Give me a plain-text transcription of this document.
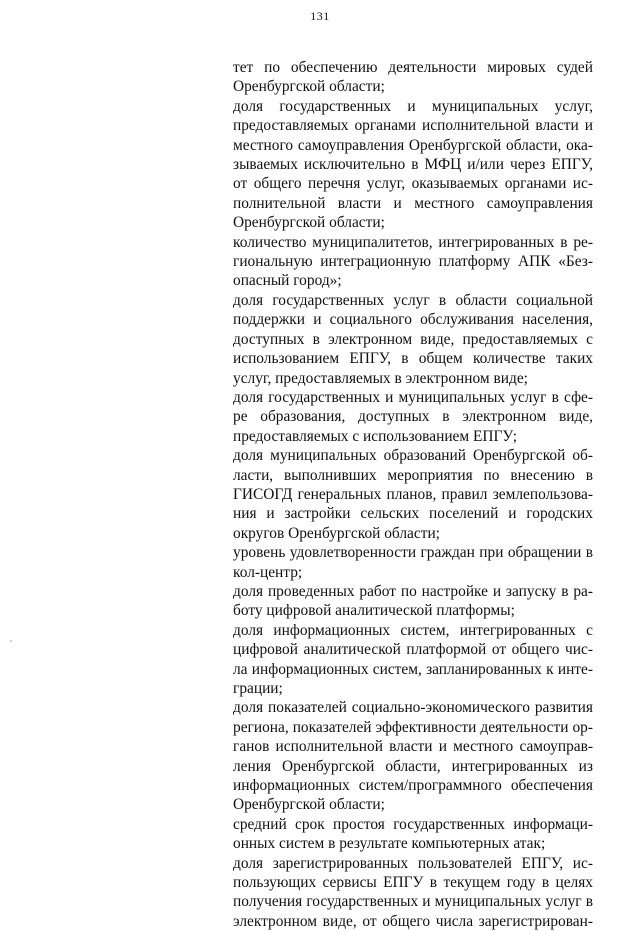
131

тет по обеспечению деятельности мировых судей
Оренбургской области;

доля государственных и муниципальных услуг,
предоставляемых органами исполнительной власти и
местного самоуправления Оренбургской области, ока-
зываемых исключительно в МФЦ и/или через ЕПГУ,
от общего перечня услуг, оказываемых органами ис-
полнительной власти и местного самоуправления
Оренбургской области;

количество муниципалитетов, интегрированных в ре-
гиональную интеграционную платформу АПК «Без-
опасный город»;

доля государственных услуг в области социальной
поддержки и социального обслуживания населения,
доступных в электронном виде, предоставляемых с
использованием ЕПГУ, в общем количестве таких
услуг, предоставляемых в электронном виде;

доля государственных и муниципальных услуг в сфе-
ре образования, доступных в электронном виде,
предоставляемых с использованием ЕПГУ;

доля муниципальных образований Оренбургской об-
ласти, выполнивших мероприятия по внесению в
ГИСОГД генеральных планов, правил землепользова-
ния и застройки сельских поселений и городских
округов Оренбургской области;

уровень удовлетворенности граждан при обращении в
кол-центр;

доля проведенных работ по настройке и запуску в ра-
боту цифровой аналитической платформы;

доля информационных систем, интегрированных с
цифровой аналитической платформой от общего чис-
ла информационных систем, запланированных к инте-
грации;

доля показателей социально-экономического развития
региона, показателей эффективности деятельности ор-
ганов исполнительной власти и местного самоуправ-
ления Оренбургской области, интегрированных из
информационных систем/программного обеспечения
Оренбургской области;

средний срок простоя государственных информаци-
онных систем в результате компьютерных атак;

доля зарегистрированных пользователей ЕПГУ, ис-
пользующих сервисы ЕПГУ в текущем году в целях
получения государственных и муниципальных услуг в
электронном виде, от общего числа зарегистрирован-
